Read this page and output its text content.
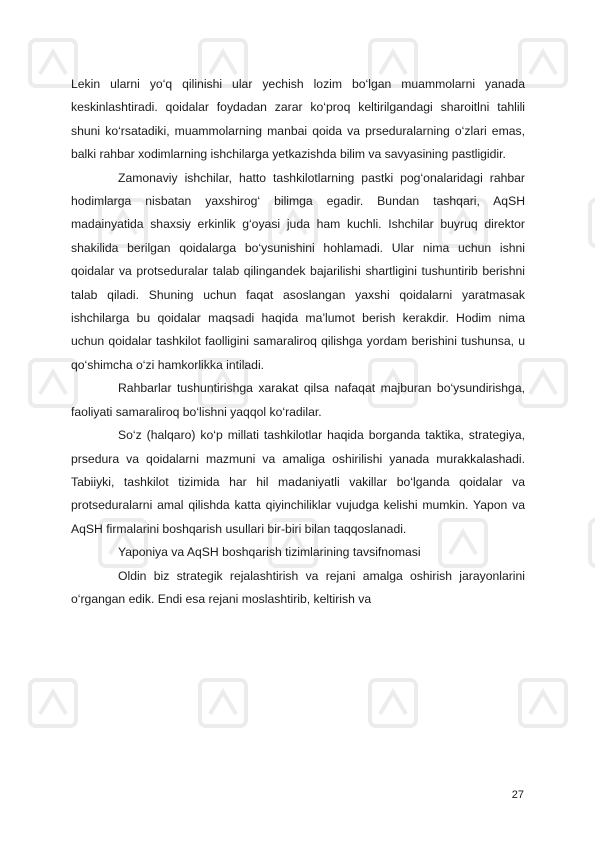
Lekin ularni yo‘q qilinishi ular yechish lozim bo‘lgan muammolarni yanada keskinlashtiradi. qoidalar foydadan zarar ko‘proq keltirilgandagi sharoitlni tahlili shuni ko‘rsatadiki, muammolarning manbai qoida va prseduralarning o‘zlari emas, balki rahbar xodimlarning ishchilarga yetkazishda bilim va savyasining pastligidir.

Zamonaviy ishchilar, hatto tashkilotlarning pastki pog‘onalaridagi rahbar hodimlarga nisbatan yaxshirog‘ bilimga egadir. Bundan tashqari, AqSH madainyatida shaxsiy erkinlik g‘oyasi juda ham kuchli. Ishchilar buyruq direktor shakilida berilgan qoidalarga bo‘ysunishini hohlamadi. Ular nima uchun ishni qoidalar va protseduralar talab qilingandek bajarilishi shartligini tushuntirib berishni talab qiladi. Shuning uchun faqat asoslangan yaxshi qoidalarni yaratmasak ishchilarga bu qoidalar maqsadi haqida ma’lumot berish kerakdir. Hodim nima uchun qoidalar tashkilot faolligini samaraliroq qilishga yordam berishini tushunsa, u qo‘shimcha o‘zi hamkorlikka intiladi.

Rahbarlar tushuntirishga xarakat qilsa nafaqat majburan bo‘ysundirishga, faoliyati samaraliroq bo‘lishni yaqqol ko‘radilar.

So‘z (halqaro) ko‘p millati tashkilotlar haqida borganda taktika, strategiya, prsedura va qoidalarni mazmuni va amaliga oshirilishi yanada murakkalashadi. Tabiiyki, tashkilot tizimida har hil madaniyatli vakillar bo‘lganda qoidalar va protseduralarni amal qilishda katta qiyinchiliklar vujudga kelishi mumkin. Yapon va AqSH firmalarini boshqarish usullari bir-biri bilan taqqoslanadi.

Yaponiya va AqSH boshqarish tizimlarining tavsifnomasi

Oldin biz strategik rejalashtirish va rejani amalga oshirish jarayonlarini o‘rgangan edik. Endi esa rejani moslashtirib, keltirish va

27
